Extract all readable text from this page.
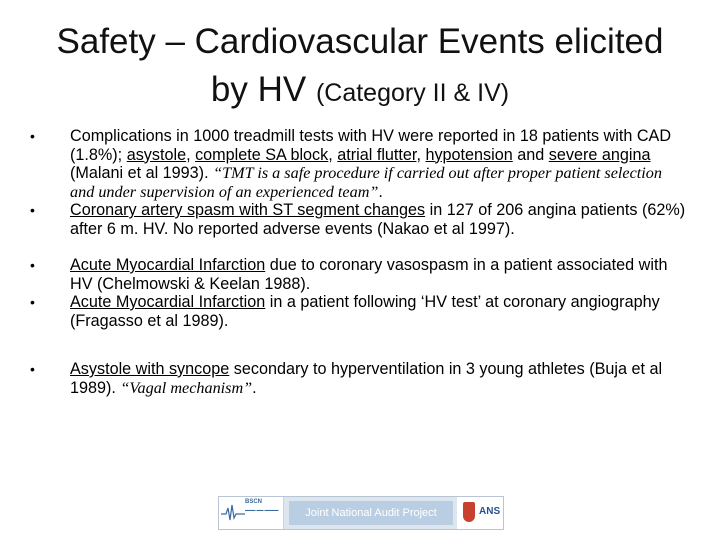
Safety – Cardiovascular Events elicited
by HV (Category II & IV)

• Complications in 1000 treadmill tests with HV were reported in 18 patients with CAD (1.8%); asystole, complete SA block, atrial flutter, hypotension and severe angina (Malani et al 1993). “TMT is a safe procedure if carried out after proper patient selection and under supervision of an experienced team”.

• Coronary artery spasm with ST segment changes in 127 of 206 angina patients (62%) after 6 m. HV. No reported adverse events (Nakao et al 1997).

• Acute Myocardial Infarction due to coronary vasospasm in a patient associated with HV (Chelmowski & Keelan 1988).

• Acute Myocardial Infarction in a patient following ‘HV test’ at coronary angiography (Fragasso et al 1989).

• Asystole with syncope secondary to hyperventilation in 3 young athletes (Buja et al 1989). “Vagal mechanism”.

BSCN
▬▬▬ ▬▬ ▬▬▬▬	Joint National Audit Project	ANS
